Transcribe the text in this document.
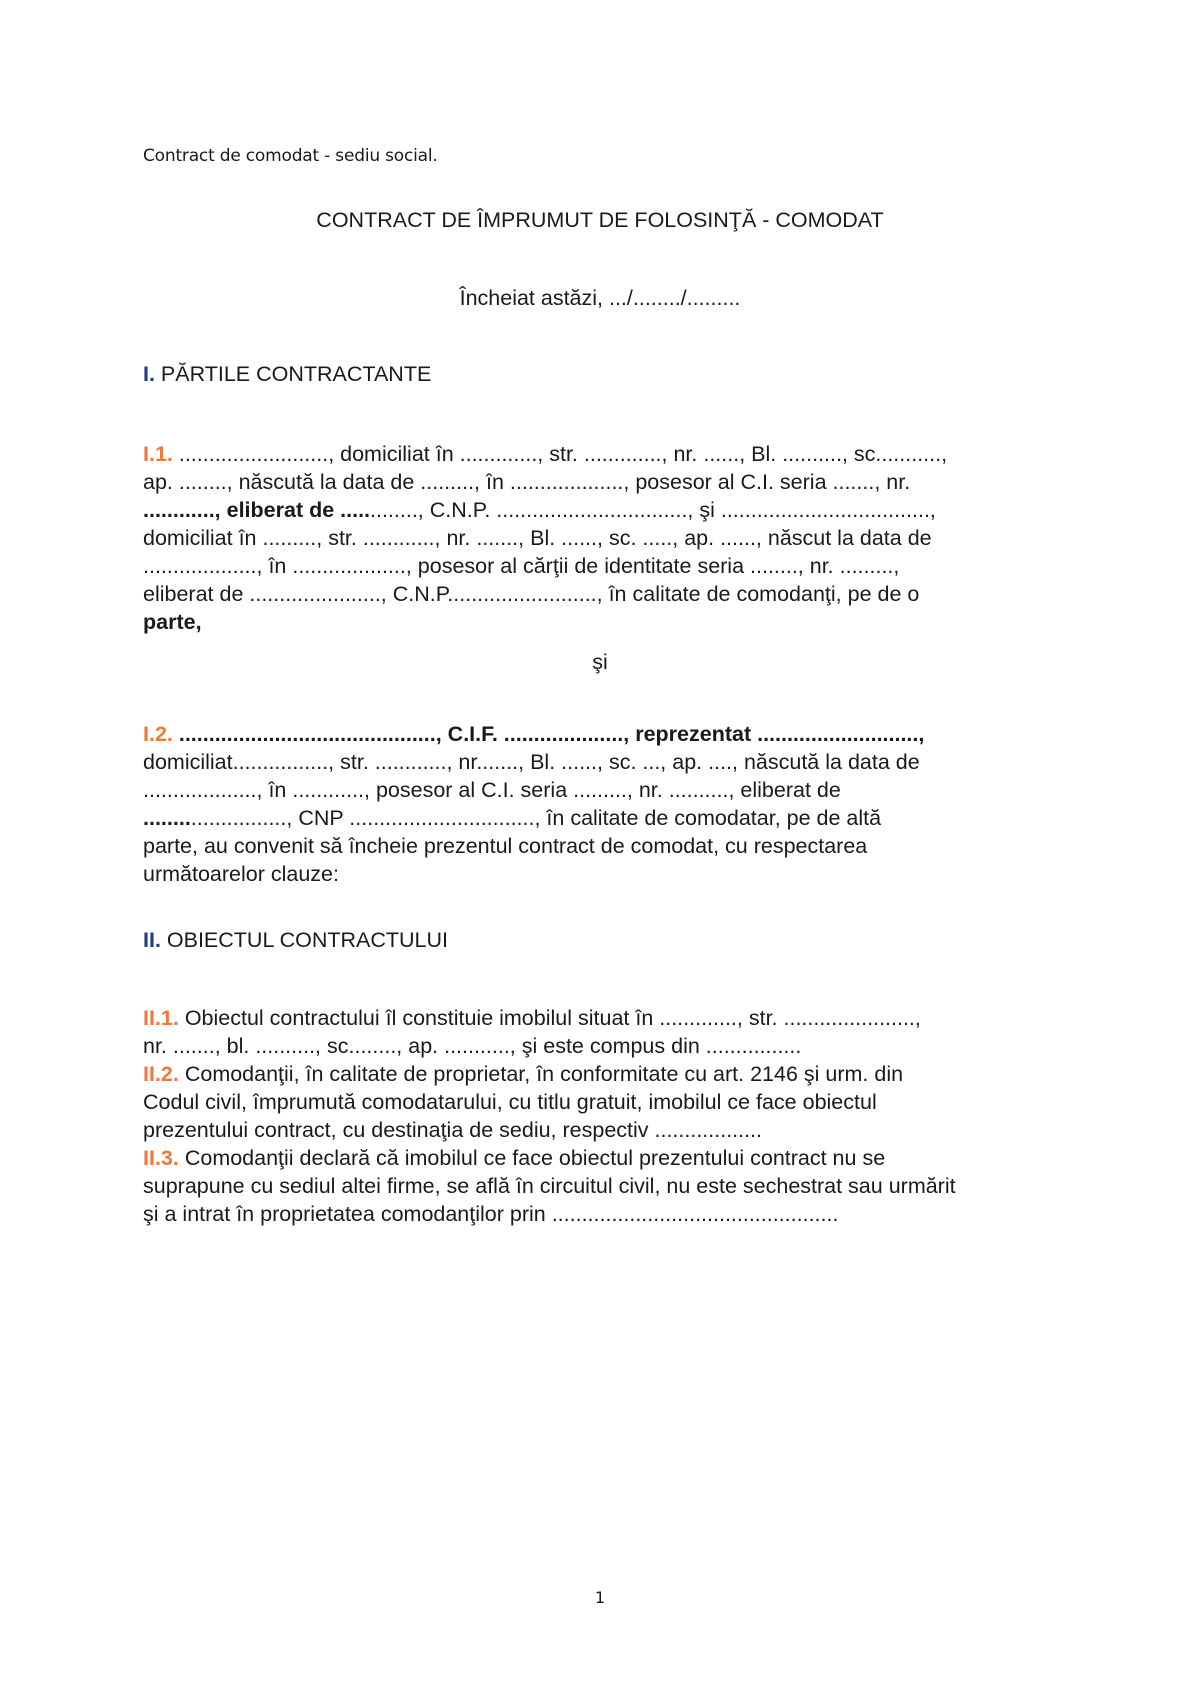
Contract de comodat - sediu social.
CONTRACT DE ÎMPRUMUT DE FOLOSINŢĂ - COMODAT
Încheiat astăzi, .../......../.........
I. PĂRTILE CONTRACTANTE
I.1. ........................., domiciliat în ............., str. ............., nr. ......, Bl. .........., sc...........,
ap. ........, născută la data de ........., în ..................., posesor al C.I. seria ......., nr.
............, eliberat de ............., C.N.P. ................................, şi ...................................,
domiciliat în ........., str. ............, nr. ......., Bl. ......, sc. ....., ap. ......, născut la data de
..................., în ..................., posesor al cărţii de identitate seria ........, nr. .........,
eliberat de ......................, C.N.P........................., în calitate de comodanţi, pe de o
parte,
şi
I.2. ..........................................., C.I.F. ...................., reprezentat ...........................,
domiciliat................, str. ............, nr......., Bl. ......, sc. ..., ap. ...., născută la data de
..................., în ............, posesor al C.I. seria ........., nr. .........., eliberat de
........................, CNP ..............................., în calitate de comodatar, pe de altă
parte, au convenit să încheie prezentul contract de comodat, cu respectarea
următoarelor clauze:
II. OBIECTUL CONTRACTULUI
II.1. Obiectul contractului îl constituie imobilul situat în ............., str. ......................,
nr. ......., bl. .........., sc........, ap. ..........., şi este compus din ................
II.2. Comodanţii, în calitate de proprietar, în conformitate cu art. 2146 şi urm. din
Codul civil, împrumută comodatarului, cu titlu gratuit, imobilul ce face obiectul
prezentului contract, cu destinaţia de sediu, respectiv ..................
II.3. Comodanţii declară că imobilul ce face obiectul prezentului contract nu se
suprapune cu sediul altei firme, se află în circuitul civil, nu este sechestrat sau urmărit
şi a intrat în proprietatea comodanţilor prin ................................................
1
